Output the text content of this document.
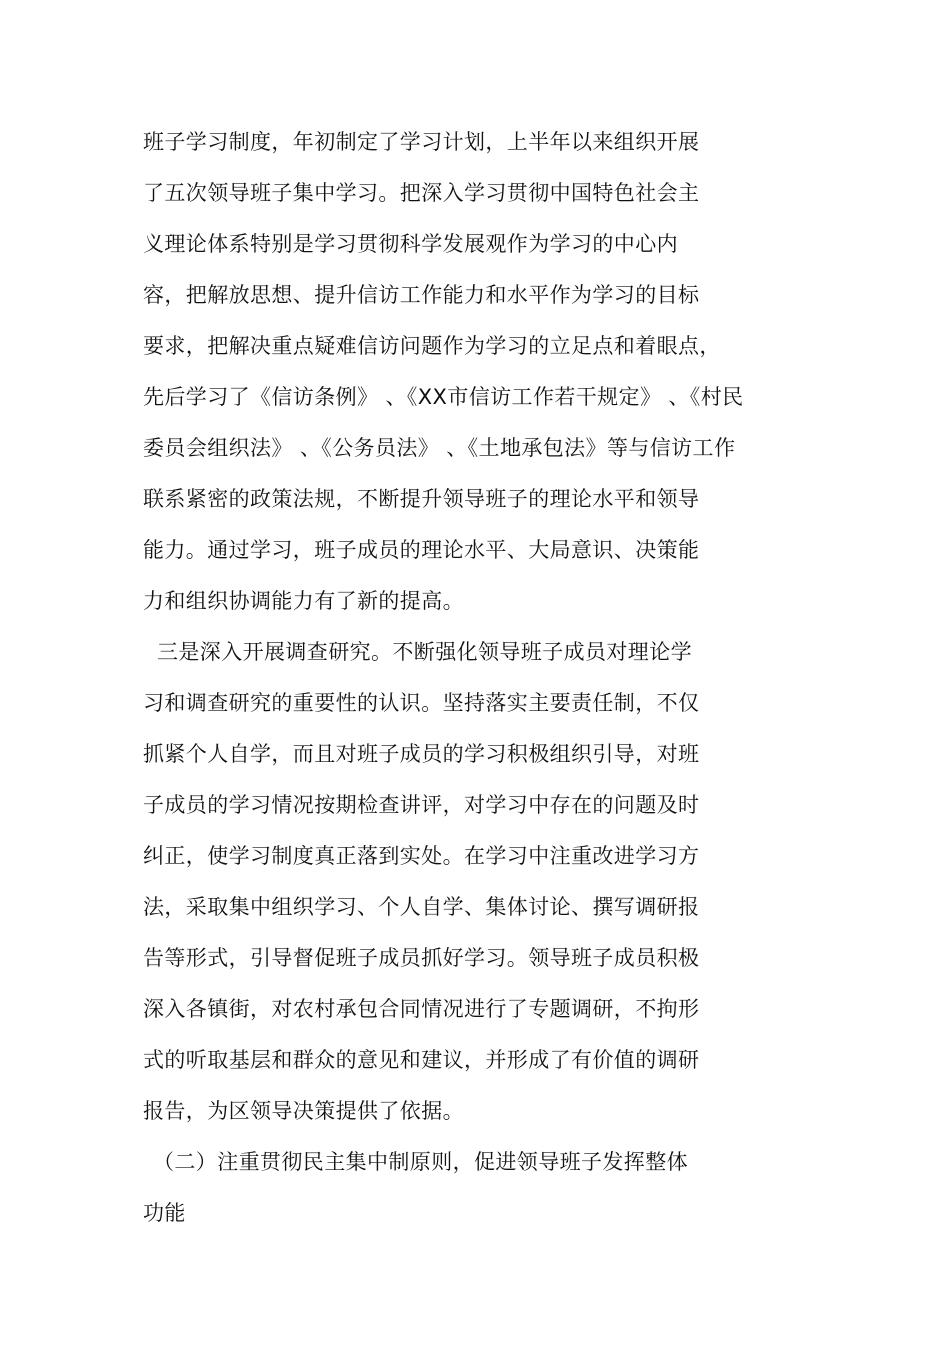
班子学习制度，年初制定了学习计划，上半年以来组织开展
了五次领导班子集中学习。把深入学习贯彻中国特色社会主
义理论体系特别是学习贯彻科学发展观作为学习的中心内
容，把解放思想、提升信访工作能力和水平作为学习的目标
要求，把解决重点疑难信访问题作为学习的立足点和着眼点，
先后学习了《信访条例》 、《XX市信访工作若干规定》 、《村民
委员会组织法》 、《公务员法》 、《土地承包法》等与信访工作
联系紧密的政策法规，不断提升领导班子的理论水平和领导
能力。通过学习，班子成员的理论水平、大局意识、决策能
力和组织协调能力有了新的提高。
三是深入开展调查研究。不断强化领导班子成员对理论学
习和调查研究的重要性的认识。坚持落实主要责任制，不仅
抓紧个人自学，而且对班子成员的学习积极组织引导，对班
子成员的学习情况按期检查讲评，对学习中存在的问题及时
纠正，使学习制度真正落到实处。在学习中注重改进学习方
法，采取集中组织学习、个人自学、集体讨论、撰写调研报
告等形式，引导督促班子成员抓好学习。领导班子成员积极
深入各镇街，对农村承包合同情况进行了专题调研，不拘形
式的听取基层和群众的意见和建议，并形成了有价值的调研
报告，为区领导决策提供了依据。
（二）注重贯彻民主集中制原则，促进领导班子发挥整体
功能
